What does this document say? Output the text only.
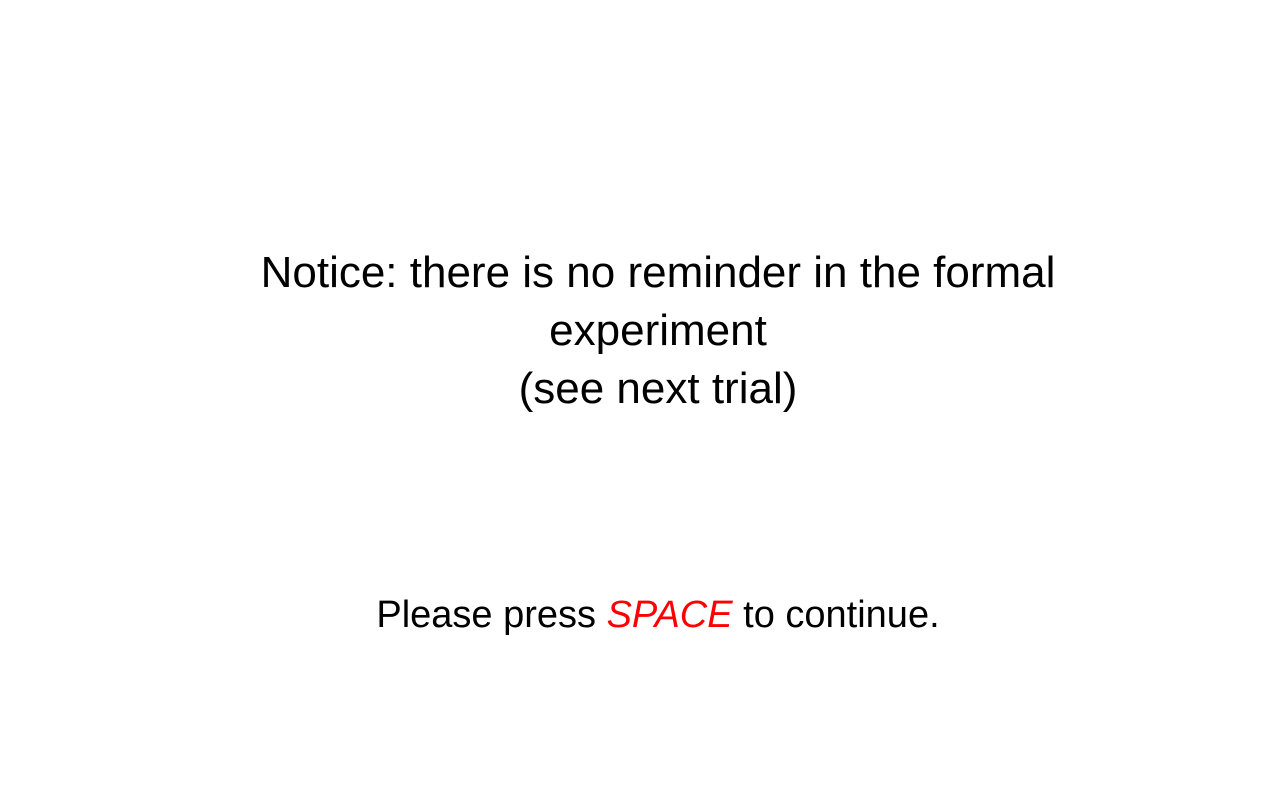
Notice: there is no reminder in the formal experiment
(see next trial)

Please press SPACE to continue.
